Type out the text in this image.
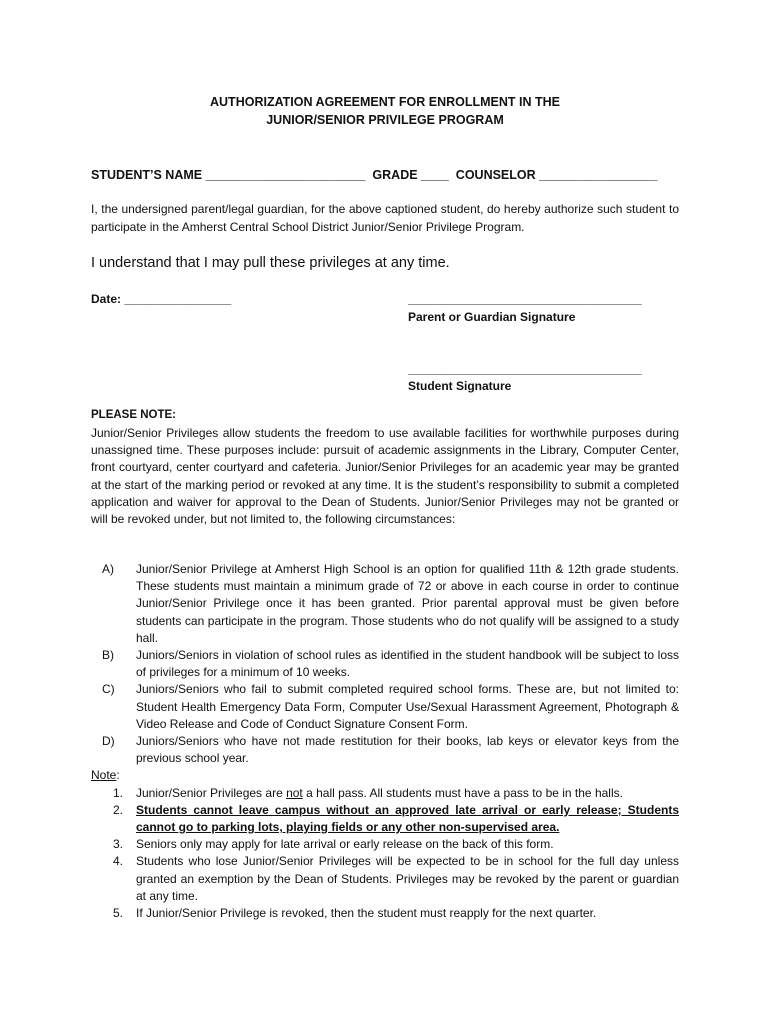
AUTHORIZATION AGREEMENT FOR ENROLLMENT IN THE
JUNIOR/SENIOR PRIVILEGE PROGRAM
STUDENT’S NAME _______________________  GRADE ____  COUNSELOR _________________
I, the undersigned parent/legal guardian, for the above captioned student, do hereby authorize such student to participate in the Amherst Central School District Junior/Senior Privilege Program.
I understand that I may pull these privileges at any time.
Date: ________________	___________________________________
Parent or Guardian Signature
___________________________________
Student Signature
PLEASE NOTE:
Junior/Senior Privileges allow students the freedom to use available facilities for worthwhile purposes during unassigned time. These purposes include: pursuit of academic assignments in the Library, Computer Center, front courtyard, center courtyard and cafeteria. Junior/Senior Privileges for an academic year may be granted at the start of the marking period or revoked at any time. It is the student’s responsibility to submit a completed application and waiver for approval to the Dean of Students. Junior/Senior Privileges may not be granted or will be revoked under, but not limited to, the following circumstances:
A)	Junior/Senior Privilege at Amherst High School is an option for qualified 11th & 12th grade students. These students must maintain a minimum grade of 72 or above in each course in order to continue Junior/Senior Privilege once it has been granted. Prior parental approval must be given before students can participate in the program. Those students who do not qualify will be assigned to a study hall.
B)	Juniors/Seniors in violation of school rules as identified in the student handbook will be subject to loss of privileges for a minimum of 10 weeks.
C)	Juniors/Seniors who fail to submit completed required school forms. These are, but not limited to: Student Health Emergency Data Form, Computer Use/Sexual Harassment Agreement, Photograph & Video Release and Code of Conduct Signature Consent Form.
D)	Juniors/Seniors who have not made restitution for their books, lab keys or elevator keys from the previous school year.
Note:
1.	Junior/Senior Privileges are not a hall pass. All students must have a pass to be in the halls.
2.	Students cannot leave campus without an approved late arrival or early release; Students cannot go to parking lots, playing fields or any other non-supervised area.
3.	Seniors only may apply for late arrival or early release on the back of this form.
4.	Students who lose Junior/Senior Privileges will be expected to be in school for the full day unless granted an exemption by the Dean of Students. Privileges may be revoked by the parent or guardian at any time.
5.	If Junior/Senior Privilege is revoked, then the student must reapply for the next quarter.
